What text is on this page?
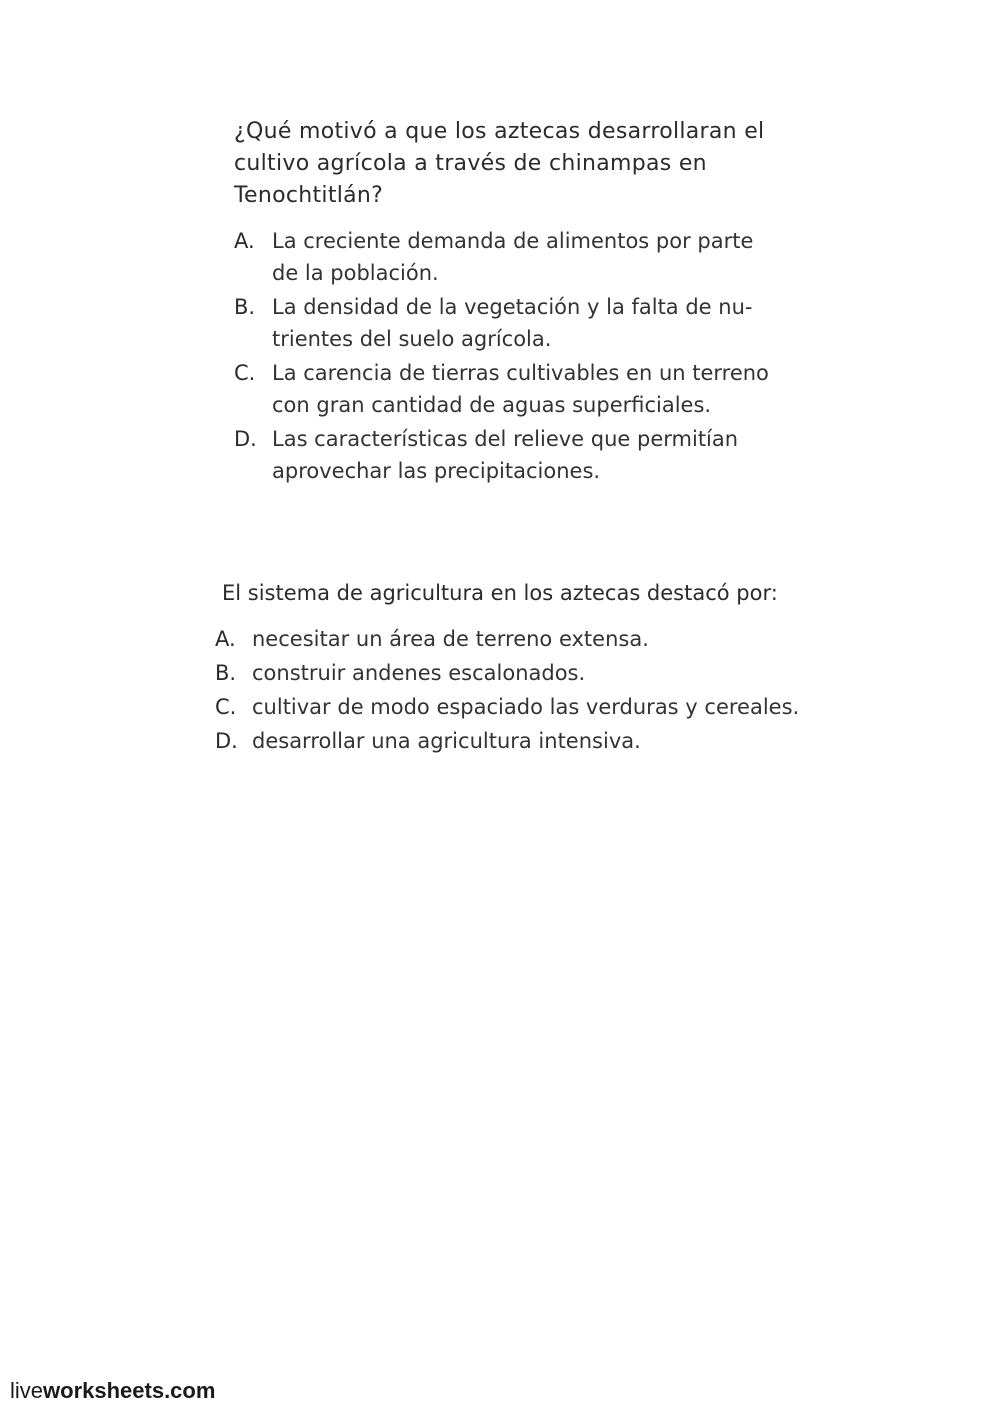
¿Qué motivó a que los aztecas desarrollaran el cultivo agrícola a través de chinampas en Tenochtitlán?

A. La creciente demanda de alimentos por parte de la población.
B. La densidad de la vegetación y la falta de nu-trientes del suelo agrícola.
C. La carencia de tierras cultivables en un terreno con gran cantidad de aguas superficiales.
D. Las características del relieve que permitían aprovechar las precipitaciones.

El sistema de agricultura en los aztecas destacó por:

A. necesitar un área de terreno extensa.
B. construir andenes escalonados.
C. cultivar de modo espaciado las verduras y cereales.
D. desarrollar una agricultura intensiva.
liveworksheets.com
